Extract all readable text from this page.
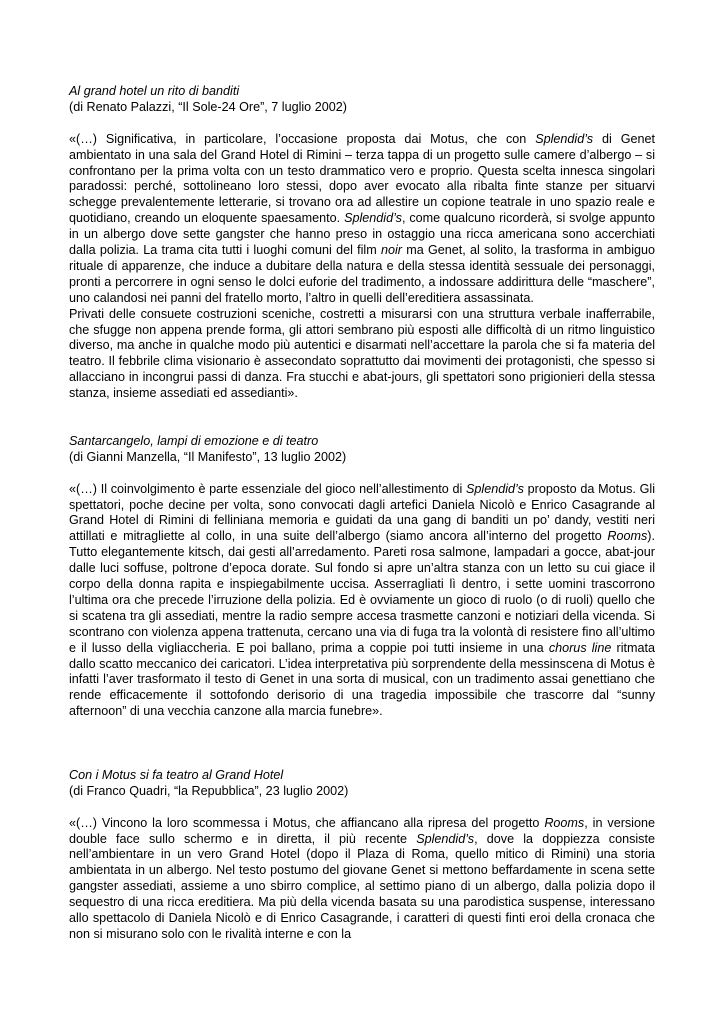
Al grand hotel un rito di banditi
(di Renato Palazzi, “Il Sole-24 Ore”, 7 luglio 2002)

«(…) Significativa, in particolare, l’occasione proposta dai Motus, che con Splendid’s di Genet ambientato in una sala del Grand Hotel di Rimini – terza tappa di un progetto sulle camere d’albergo – si confrontano per la prima volta con un testo drammatico vero e proprio. Questa scelta innesca singolari paradossi: perché, sottolineano loro stessi, dopo aver evocato alla ribalta finte stanze per situarvi schegge prevalentemente letterarie, si trovano ora ad allestire un copione teatrale in uno spazio reale e quotidiano, creando un eloquente spaesamento. Splendid’s, come qualcuno ricorderà, si svolge appunto in un albergo dove sette gangster che hanno preso in ostaggio una ricca americana sono accerchiati dalla polizia. La trama cita tutti i luoghi comuni del film noir ma Genet, al solito, la trasforma in ambiguo rituale di apparenze, che induce a dubitare della natura e della stessa identità sessuale dei personaggi, pronti a percorrere in ogni senso le dolci euforie del tradimento, a indossare addirittura delle “maschere”, uno calandosi nei panni del fratello morto, l’altro in quelli dell’ereditiera assassinata.

Privati delle consuete costruzioni sceniche, costretti a misurarsi con una struttura verbale inafferrabile, che sfugge non appena prende forma, gli attori sembrano più esposti alle difficoltà di un ritmo linguistico diverso, ma anche in qualche modo più autentici e disarmati nell’accettare la parola che si fa materia del teatro. Il febbrile clima visionario è assecondato soprattutto dai movimenti dei protagonisti, che spesso si allacciano in incongrui passi di danza. Fra stucchi e abat-jours, gli spettatori sono prigionieri della stessa stanza, insieme assediati ed assedianti».

Santarcangelo, lampi di emozione e di teatro
(di Gianni Manzella, “Il Manifesto”, 13 luglio 2002)

«(…) Il coinvolgimento è parte essenziale del gioco nell’allestimento di Splendid’s proposto da Motus. Gli spettatori, poche decine per volta, sono convocati dagli artefici Daniela Nicolò e Enrico Casagrande al Grand Hotel di Rimini di felliniana memoria e guidati da una gang di banditi un po’ dandy, vestiti neri attillati e mitragliette al collo, in una suite dell’albergo (siamo ancora all’interno del progetto Rooms). Tutto elegantemente kitsch, dai gesti all’arredamento. Pareti rosa salmone, lampadari a gocce, abat-jour dalle luci soffuse, poltrone d’epoca dorate. Sul fondo si apre un’altra stanza con un letto su cui giace il corpo della donna rapita e inspiegabilmente uccisa. Asserragliati lì dentro, i sette uomini trascorrono l’ultima ora che precede l’irruzione della polizia. Ed è ovviamente un gioco di ruolo (o di ruoli) quello che si scatena tra gli assediati, mentre la radio sempre accesa trasmette canzoni e notiziari della vicenda. Si scontrano con violenza appena trattenuta, cercano una via di fuga tra la volontà di resistere fino all’ultimo e il lusso della vigliaccheria. E poi ballano, prima a coppie poi tutti insieme in una chorus line ritmata dallo scatto meccanico dei caricatori. L’idea interpretativa più sorprendente della messinscena di Motus è infatti l’aver trasformato il testo di Genet in una sorta di musical, con un tradimento assai genettiano che rende efficacemente il sottofondo derisorio di una tragedia impossibile che trascorre dal “sunny afternoon” di una vecchia canzone alla marcia funebre».

Con i Motus si fa teatro al Grand Hotel
(di Franco Quadri, “la Repubblica”, 23 luglio 2002)

«(…) Vincono la loro scommessa i Motus, che affiancano alla ripresa del progetto Rooms, in versione double face sullo schermo e in diretta, il più recente Splendid’s, dove la doppiezza consiste nell’ambientare in un vero Grand Hotel (dopo il Plaza di Roma, quello mitico di Rimini) una storia ambientata in un albergo. Nel testo postumo del giovane Genet si mettono beffardamente in scena sette gangster assediati, assieme a uno sbirro complice, al settimo piano di un albergo, dalla polizia dopo il sequestro di una ricca ereditiera. Ma più della vicenda basata su una parodistica suspense, interessano allo spettacolo di Daniela Nicolò e di Enrico Casagrande, i caratteri di questi finti eroi della cronaca che non si misurano solo con le rivalità interne e con la
